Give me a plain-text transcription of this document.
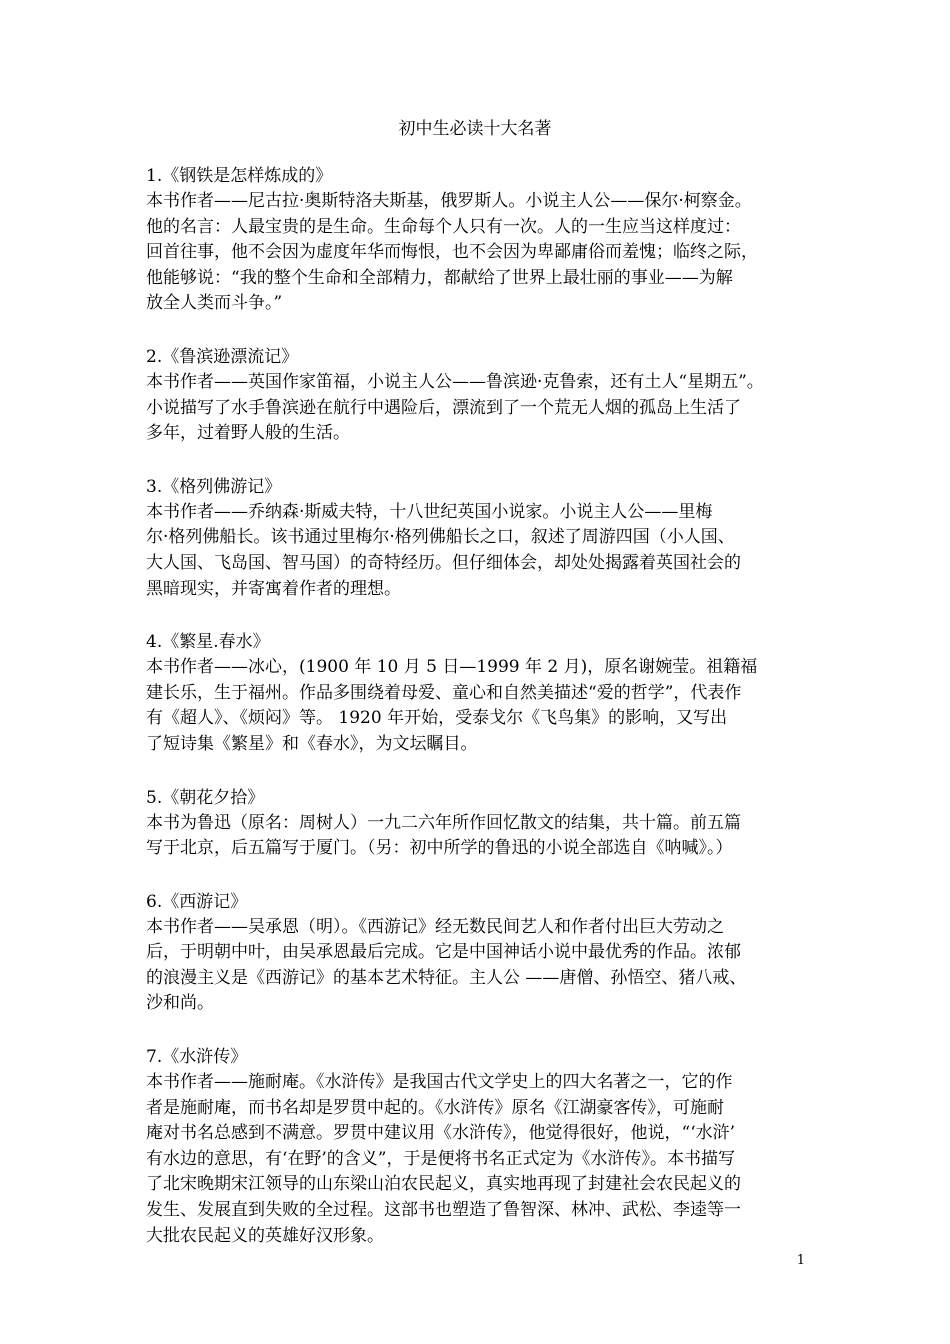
初中生必读十大名著
1.《钢铁是怎样炼成的》
本书作者——尼古拉·奥斯特洛夫斯基，俄罗斯人。小说主人公——保尔·柯察金。
他的名言：人最宝贵的是生命。生命每个人只有一次。人的一生应当这样度过：
回首往事，他不会因为虚度年华而悔恨，也不会因为卑鄙庸俗而羞愧；临终之际，
他能够说：“我的整个生命和全部精力，都献给了世界上最壮丽的事业——为解
放全人类而斗争。”
2.《鲁滨逊漂流记》
本书作者——英国作家笛福，小说主人公——鲁滨逊·克鲁索，还有土人“星期五”。
小说描写了水手鲁滨逊在航行中遇险后，漂流到了一个荒无人烟的孤岛上生活了
多年，过着野人般的生活。
3.《格列佛游记》
本书作者——乔纳森·斯威夫特，十八世纪英国小说家。小说主人公——里梅
尔·格列佛船长。该书通过里梅尔·格列佛船长之口，叙述了周游四国（小人国、
大人国、飞岛国、智马国）的奇特经历。但仔细体会，却处处揭露着英国社会的
黑暗现实，并寄寓着作者的理想。
4.《繁星.春水》
本书作者——冰心，(1900 年 10 月 5 日—1999 年 2 月)，原名谢婉莹。祖籍福
建长乐，生于福州。作品多围绕着母爱、童心和自然美描述“爱的哲学”，代表作
有《超人》、《烦闷》等。 1920 年开始，受泰戈尔《飞鸟集》的影响，又写出
了短诗集《繁星》和《春水》，为文坛瞩目。
5.《朝花夕拾》
本书为鲁迅（原名：周树人）一九二六年所作回忆散文的结集，共十篇。前五篇
写于北京，后五篇写于厦门。（另：初中所学的鲁迅的小说全部选自《呐喊》。）
6.《西游记》
本书作者——吴承恩（明）。《西游记》经无数民间艺人和作者付出巨大劳动之
后，于明朝中叶，由吴承恩最后完成。它是中国神话小说中最优秀的作品。浓郁
的浪漫主义是《西游记》的基本艺术特征。主人公 ——唐僧、孙悟空、猪八戒、
沙和尚。
7.《水浒传》
本书作者——施耐庵。《水浒传》是我国古代文学史上的四大名著之一，它的作
者是施耐庵，而书名却是罗贯中起的。《水浒传》原名《江湖豪客传》，可施耐
庵对书名总感到不满意。罗贯中建议用《水浒传》，他觉得很好，他说，“‘水浒’
有水边的意思，有‘在野’的含义”，于是便将书名正式定为《水浒传》。本书描写
了北宋晚期宋江领导的山东梁山泊农民起义，真实地再现了封建社会农民起义的
发生、发展直到失败的全过程。这部书也塑造了鲁智深、林冲、武松、李逵等一
大批农民起义的英雄好汉形象。
1
